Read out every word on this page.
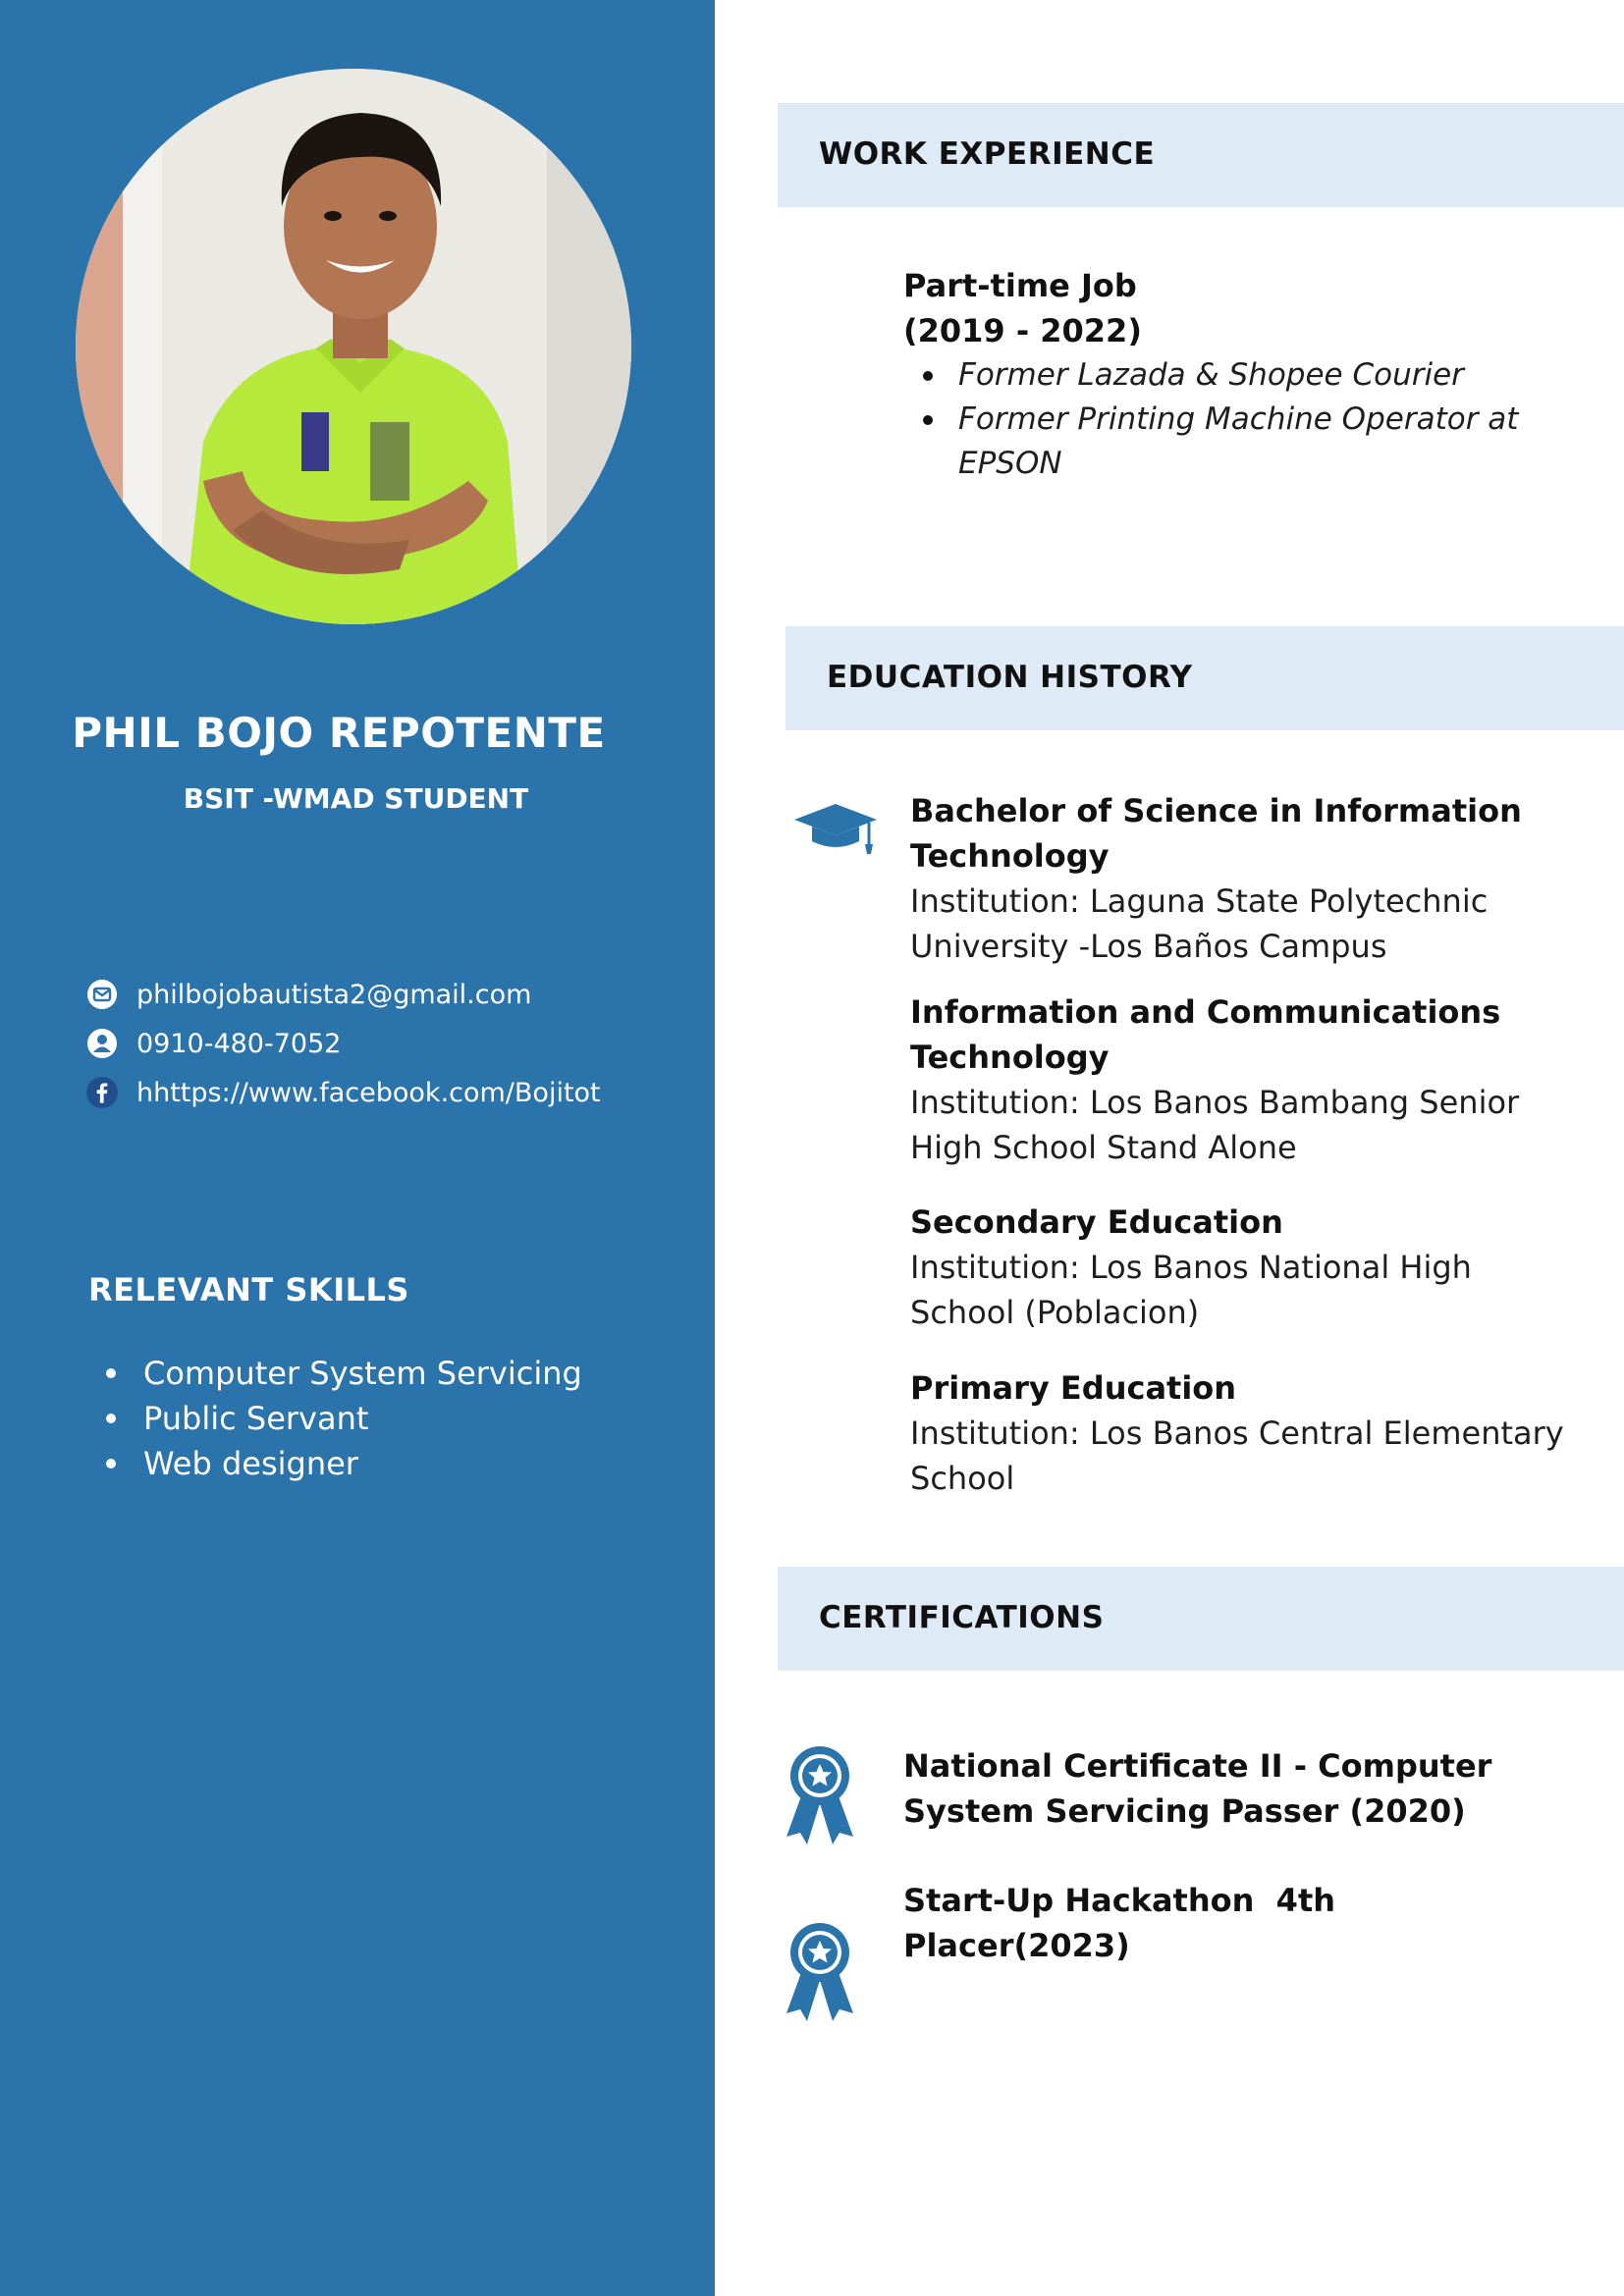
PHIL BOJO REPOTENTE
BSIT -WMAD STUDENT
philbojobautista2@gmail.com
0910-480-7052
hhttps://www.facebook.com/Bojitot
RELEVANT SKILLS
Computer System Servicing
Public Servant
Web designer
WORK EXPERIENCE
Part-time Job
(2019 - 2022)
Former Lazada & Shopee Courier
Former Printing Machine Operator at EPSON
EDUCATION HISTORY
Bachelor of Science in Information Technology
Institution: Laguna State Polytechnic University -Los Baños Campus
Information and Communications Technology
Institution: Los Banos Bambang Senior High School Stand Alone
Secondary Education
Institution: Los Banos National High School (Poblacion)
Primary Education
Institution: Los Banos Central Elementary School
CERTIFICATIONS
National Certificate II - Computer System Servicing Passer (2020)
Start-Up Hackathon  4th Placer(2023)
